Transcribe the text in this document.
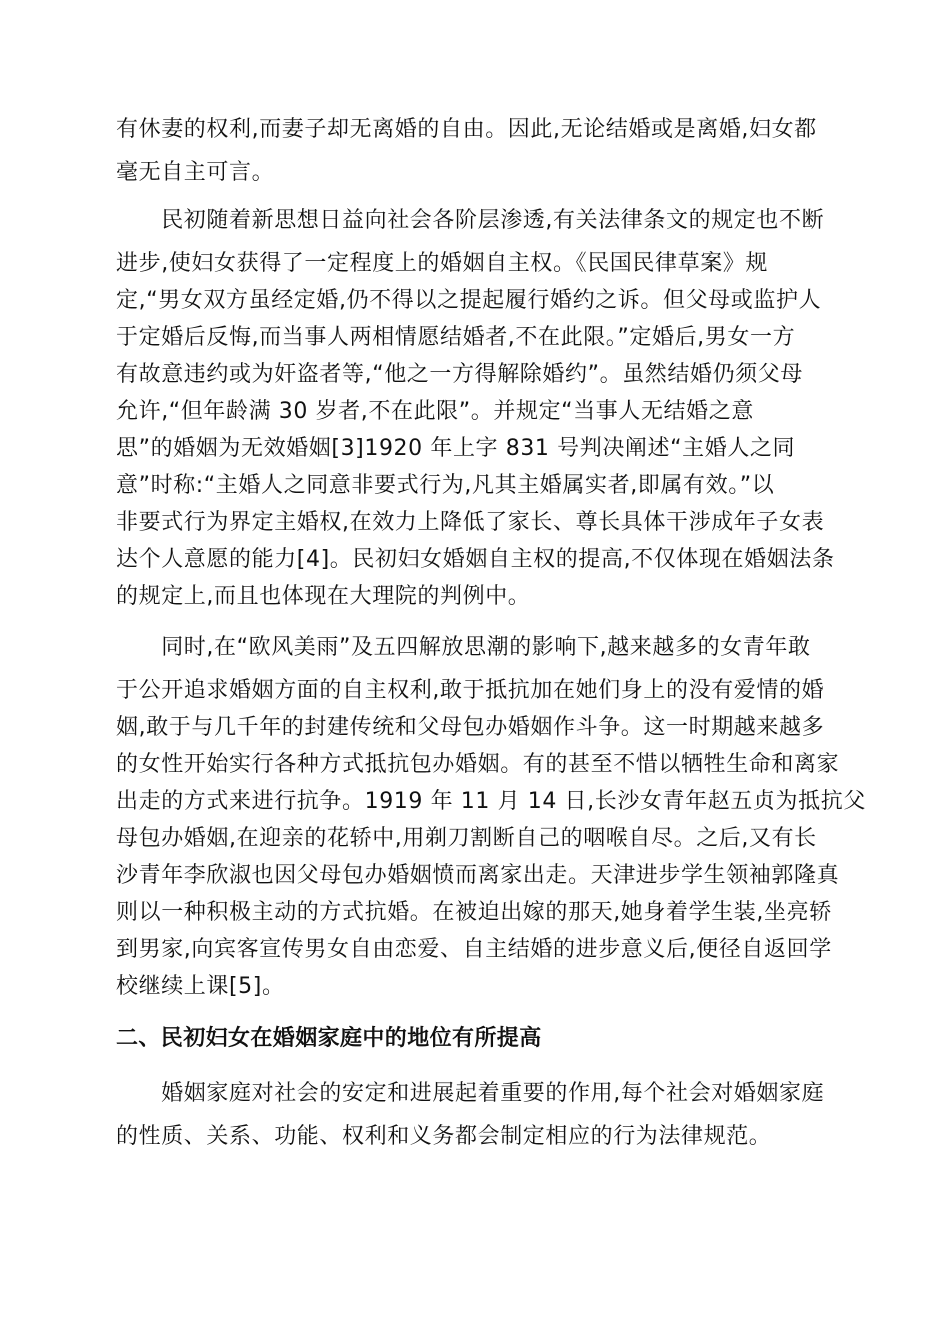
有休妻的权利,而妻子却无离婚的自由。因此,无论结婚或是离婚,妇女都
毫无自主可言。
　　民初随着新思想日益向社会各阶层渗透,有关法律条文的规定也不断
进步,使妇女获得了一定程度上的婚姻自主权。《民国民律草案》规
定,“男女双方虽经定婚,仍不得以之提起履行婚约之诉。但父母或监护人
于定婚后反悔,而当事人两相情愿结婚者,不在此限。”定婚后,男女一方
有故意违约或为奸盗者等,“他之一方得解除婚约”。虽然结婚仍须父母
允许,“但年龄满 30 岁者,不在此限”。并规定“当事人无结婚之意
思”的婚姻为无效婚姻[3]1920 年上字 831 号判决阐述“主婚人之同
意”时称:“主婚人之同意非要式行为,凡其主婚属实者,即属有效。”以
非要式行为界定主婚权,在效力上降低了家长、尊长具体干涉成年子女表
达个人意愿的能力[4]。民初妇女婚姻自主权的提高,不仅体现在婚姻法条
的规定上,而且也体现在大理院的判例中。
　　同时,在“欧风美雨”及五四解放思潮的影响下,越来越多的女青年敢
于公开追求婚姻方面的自主权利,敢于抵抗加在她们身上的没有爱情的婚
姻,敢于与几千年的封建传统和父母包办婚姻作斗争。这一时期越来越多
的女性开始实行各种方式抵抗包办婚姻。有的甚至不惜以牺牲生命和离家
出走的方式来进行抗争。1919 年 11 月 14 日,长沙女青年赵五贞为抵抗父
母包办婚姻,在迎亲的花轿中,用剃刀割断自己的咽喉自尽。之后,又有长
沙青年李欣淑也因父母包办婚姻愤而离家出走。天津进步学生领袖郭隆真
则以一种积极主动的方式抗婚。在被迫出嫁的那天,她身着学生装,坐亮轿
到男家,向宾客宣传男女自由恋爱、自主结婚的进步意义后,便径自返回学
校继续上课[5]。
二、民初妇女在婚姻家庭中的地位有所提高
　　婚姻家庭对社会的安定和进展起着重要的作用,每个社会对婚姻家庭
的性质、关系、功能、权利和义务都会制定相应的行为法律规范。
